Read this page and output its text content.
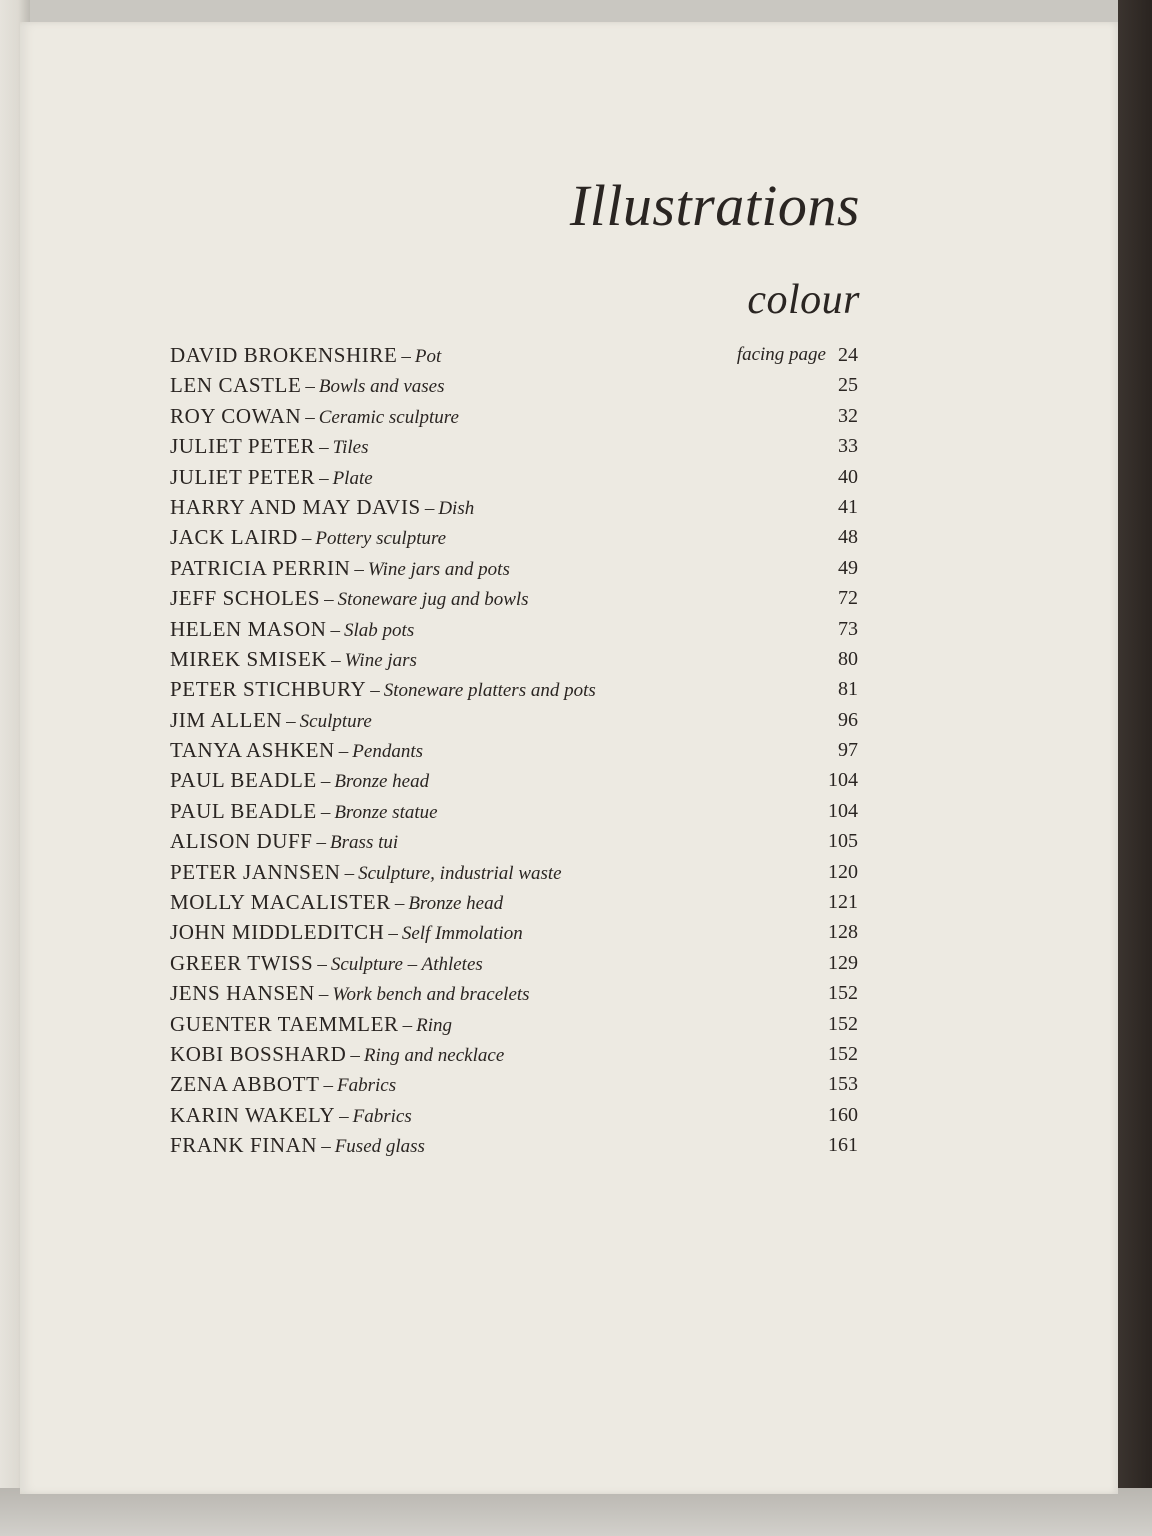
Illustrations
colour
DAVID BROKENSHIRE – Pot	facing page 24
LEN CASTLE – Bowls and vases	25
ROY COWAN – Ceramic sculpture	32
JULIET PETER – Tiles	33
JULIET PETER – Plate	40
HARRY AND MAY DAVIS – Dish	41
JACK LAIRD – Pottery sculpture	48
PATRICIA PERRIN – Wine jars and pots	49
JEFF SCHOLES – Stoneware jug and bowls	72
HELEN MASON – Slab pots	73
MIREK SMISEK – Wine jars	80
PETER STICHBURY – Stoneware platters and pots	81
JIM ALLEN – Sculpture	96
TANYA ASHKEN – Pendants	97
PAUL BEADLE – Bronze head	104
PAUL BEADLE – Bronze statue	104
ALISON DUFF – Brass tui	105
PETER JANNSEN – Sculpture, industrial waste	120
MOLLY MACALISTER – Bronze head	121
JOHN MIDDLEDITCH – Self Immolation	128
GREER TWISS – Sculpture – Athletes	129
JENS HANSEN – Work bench and bracelets	152
GUENTER TAEMMLER – Ring	152
KOBI BOSSHARD – Ring and necklace	152
ZENA ABBOTT – Fabrics	153
KARIN WAKELY – Fabrics	160
FRANK FINAN – Fused glass	161
